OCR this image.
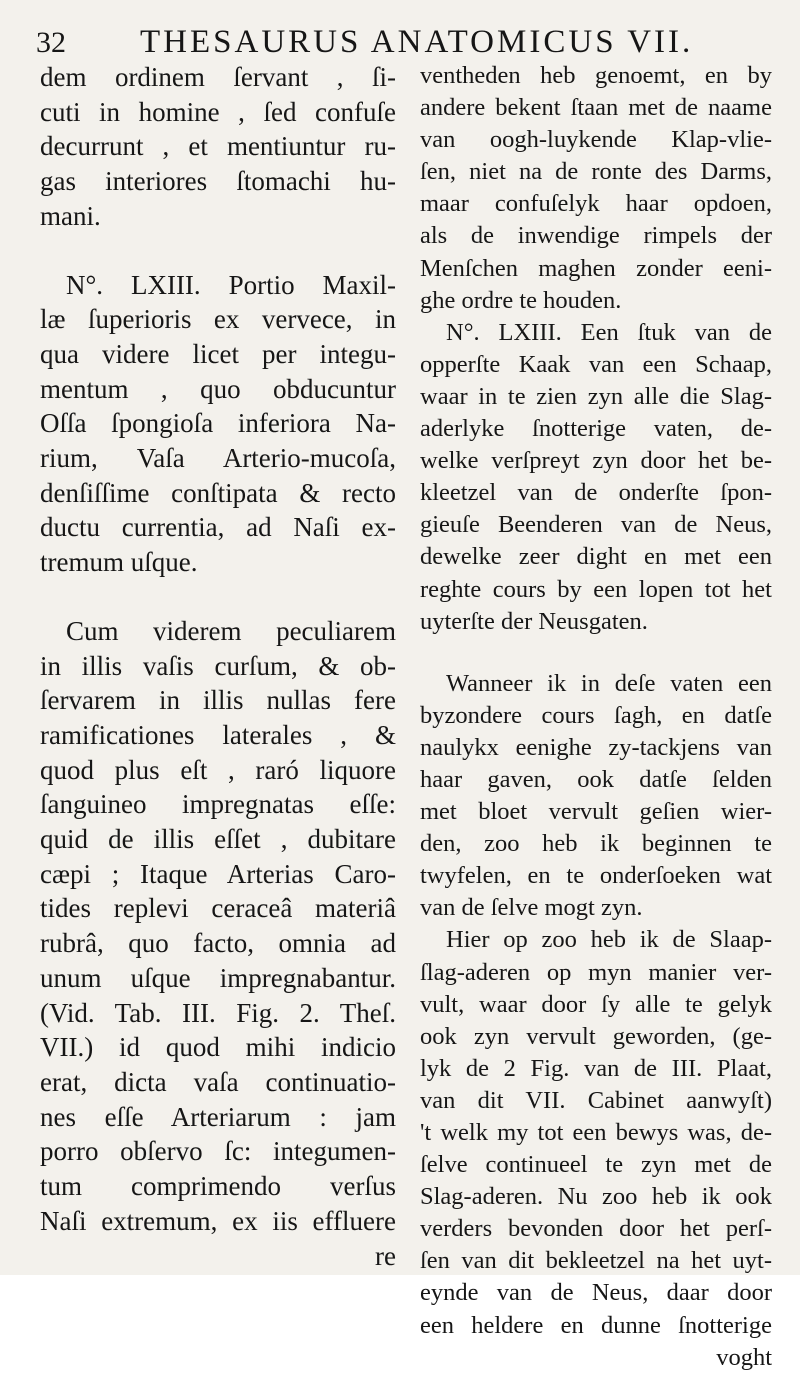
32 THESAURUS ANATOMICUS VII.
dem ordinem ſervant , ſi-
cuti in homine , ſed confuſe
decurrunt , et mentiuntur ru-
gas interiores ſtomachi hu-
mani.
N°. LXIII. Portio Maxil-
læ ſuperioris ex vervece, in
qua videre licet per integu-
mentum , quo obducuntur
Oſſa ſpongioſa inferiora Na-
rium, Vaſa Arterio-mucoſa,
denſiſſime conſtipata & recto
ductu currentia, ad Naſi ex-
tremum uſque.
Cum viderem peculiarem
in illis vaſis curſum, & ob-
ſervarem in illis nullas fere
ramificationes laterales , &
quod plus eſt , raró liquore
ſanguineo impregnatas eſſe:
quid de illis eſſet , dubitare
cæpi ; Itaque Arterias Caro-
tides replevi ceraceâ materiâ
rubrâ, quo facto, omnia ad
unum uſque impregnabantur.
(Vid. Tab. III. Fig. 2. Theſ.
VII.) id quod mihi indicio
erat, dicta vaſa continuatio-
nes eſſe Arteriarum : jam
porro obſervo ſc: integumen-
tum comprimendo verſus
Naſi extremum, ex iis effluere
re
ventheden heb genoemt, en by
andere bekent ſtaan met de naame
van oogh-luykende Klap-vlie-
ſen, niet na de ronte des Darms,
maar confuſelyk haar opdoen,
als de inwendige rimpels der
Menſchen maghen zonder eeni-
ghe ordre te houden.
N°. LXIII. Een ſtuk van de
opperſte Kaak van een Schaap,
waar in te zien zyn alle die Slag-
aderlyke ſnotterige vaten, de-
welke verſpreyt zyn door het be-
kleetzel van de onderſte ſpon-
gieuſe Beenderen van de Neus,
dewelke zeer dight en met een
reghte cours by een lopen tot het
uyterſte der Neusgaten.
Wanneer ik in deſe vaten een
byzondere cours ſagh, en datſe
naulykx eenighe zy-tackjens van
haar gaven, ook datſe ſelden
met bloet vervult geſien wier-
den, zoo heb ik beginnen te
twyfelen, en te onderſoeken wat
van de ſelve mogt zyn.
Hier op zoo heb ik de Slaap-
ſlag-aderen op myn manier ver-
vult, waar door ſy alle te gelyk
ook zyn vervult geworden, (ge-
lyk de 2 Fig. van de III. Plaat,
van dit VII. Cabinet aanwyſt)
't welk my tot een bewys was, de-
ſelve continueel te zyn met de
Slag-aderen. Nu zoo heb ik ook
verders bevonden door het perſ-
ſen van dit bekleetzel na het uyt-
eynde van de Neus, daar door
een heldere en dunne ſnotterige
voght
